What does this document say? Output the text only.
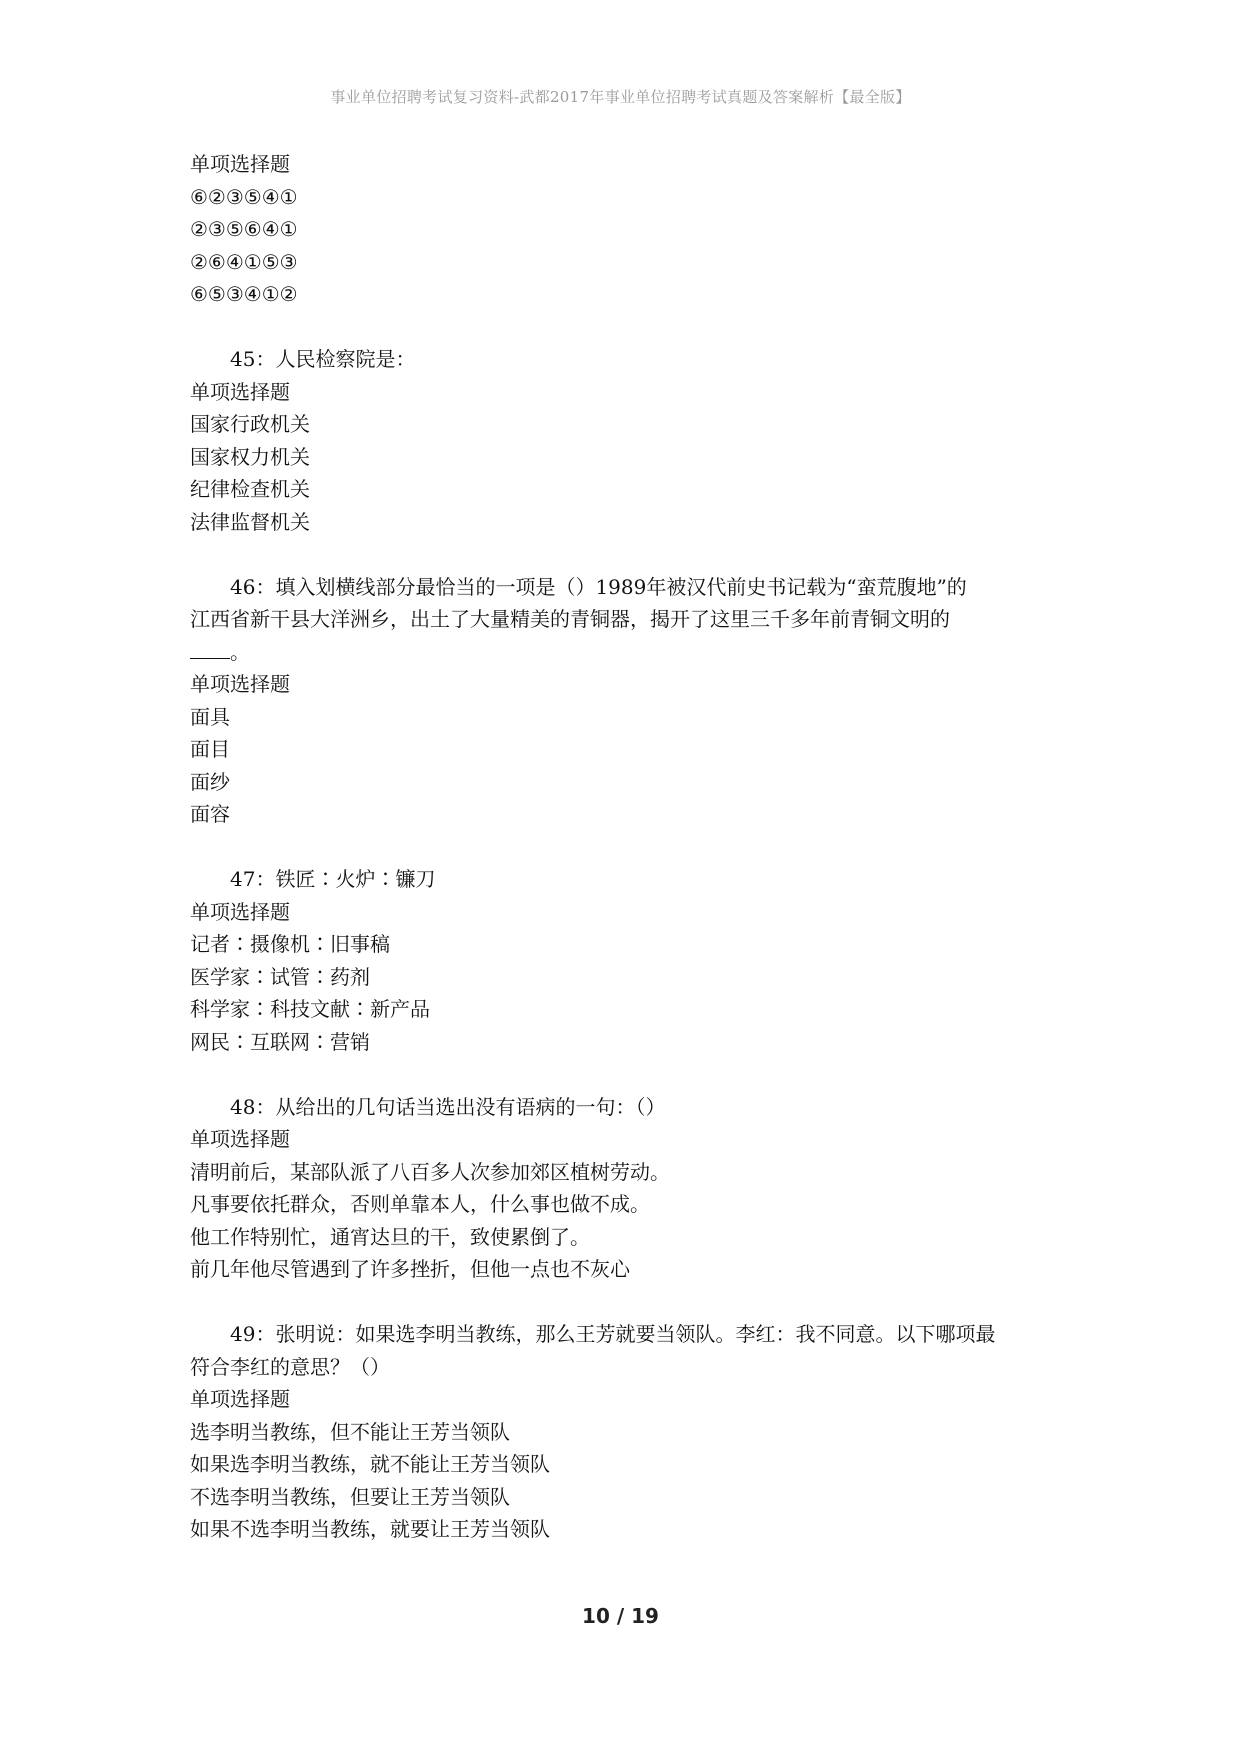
事业单位招聘考试复习资料-武都2017年事业单位招聘考试真题及答案解析【最全版】
单项选择题
⑥②③⑤④①
②③⑤⑥④①
②⑥④①⑤③
⑥⑤③④①②
45：人民检察院是：
单项选择题
国家行政机关
国家权力机关
纪律检查机关
法律监督机关
46：填入划横线部分最恰当的一项是（）1989年被汉代前史书记载为“蛮荒腹地”的
江西省新干县大洋洲乡，出土了大量精美的青铜器，揭开了这里三千多年前青铜文明的
。
单项选择题
面具
面目
面纱
面容
47：铁匠∶火炉∶镰刀
单项选择题
记者∶摄像机∶旧事稿
医学家∶试管∶药剂
科学家∶科技文献∶新产品
网民∶互联网∶营销
48：从给出的几句话当选出没有语病的一句：（）
单项选择题
清明前后，某部队派了八百多人次参加郊区植树劳动。
凡事要依托群众，否则单靠本人，什么事也做不成。
他工作特别忙，通宵达旦的干，致使累倒了。
前几年他尽管遇到了许多挫折，但他一点也不灰心
49：张明说：如果选李明当教练，那么王芳就要当领队。李红：我不同意。以下哪项最
符合李红的意思？（）
单项选择题
选李明当教练，但不能让王芳当领队
如果选李明当教练，就不能让王芳当领队
不选李明当教练，但要让王芳当领队
如果不选李明当教练，就要让王芳当领队
10 / 19
